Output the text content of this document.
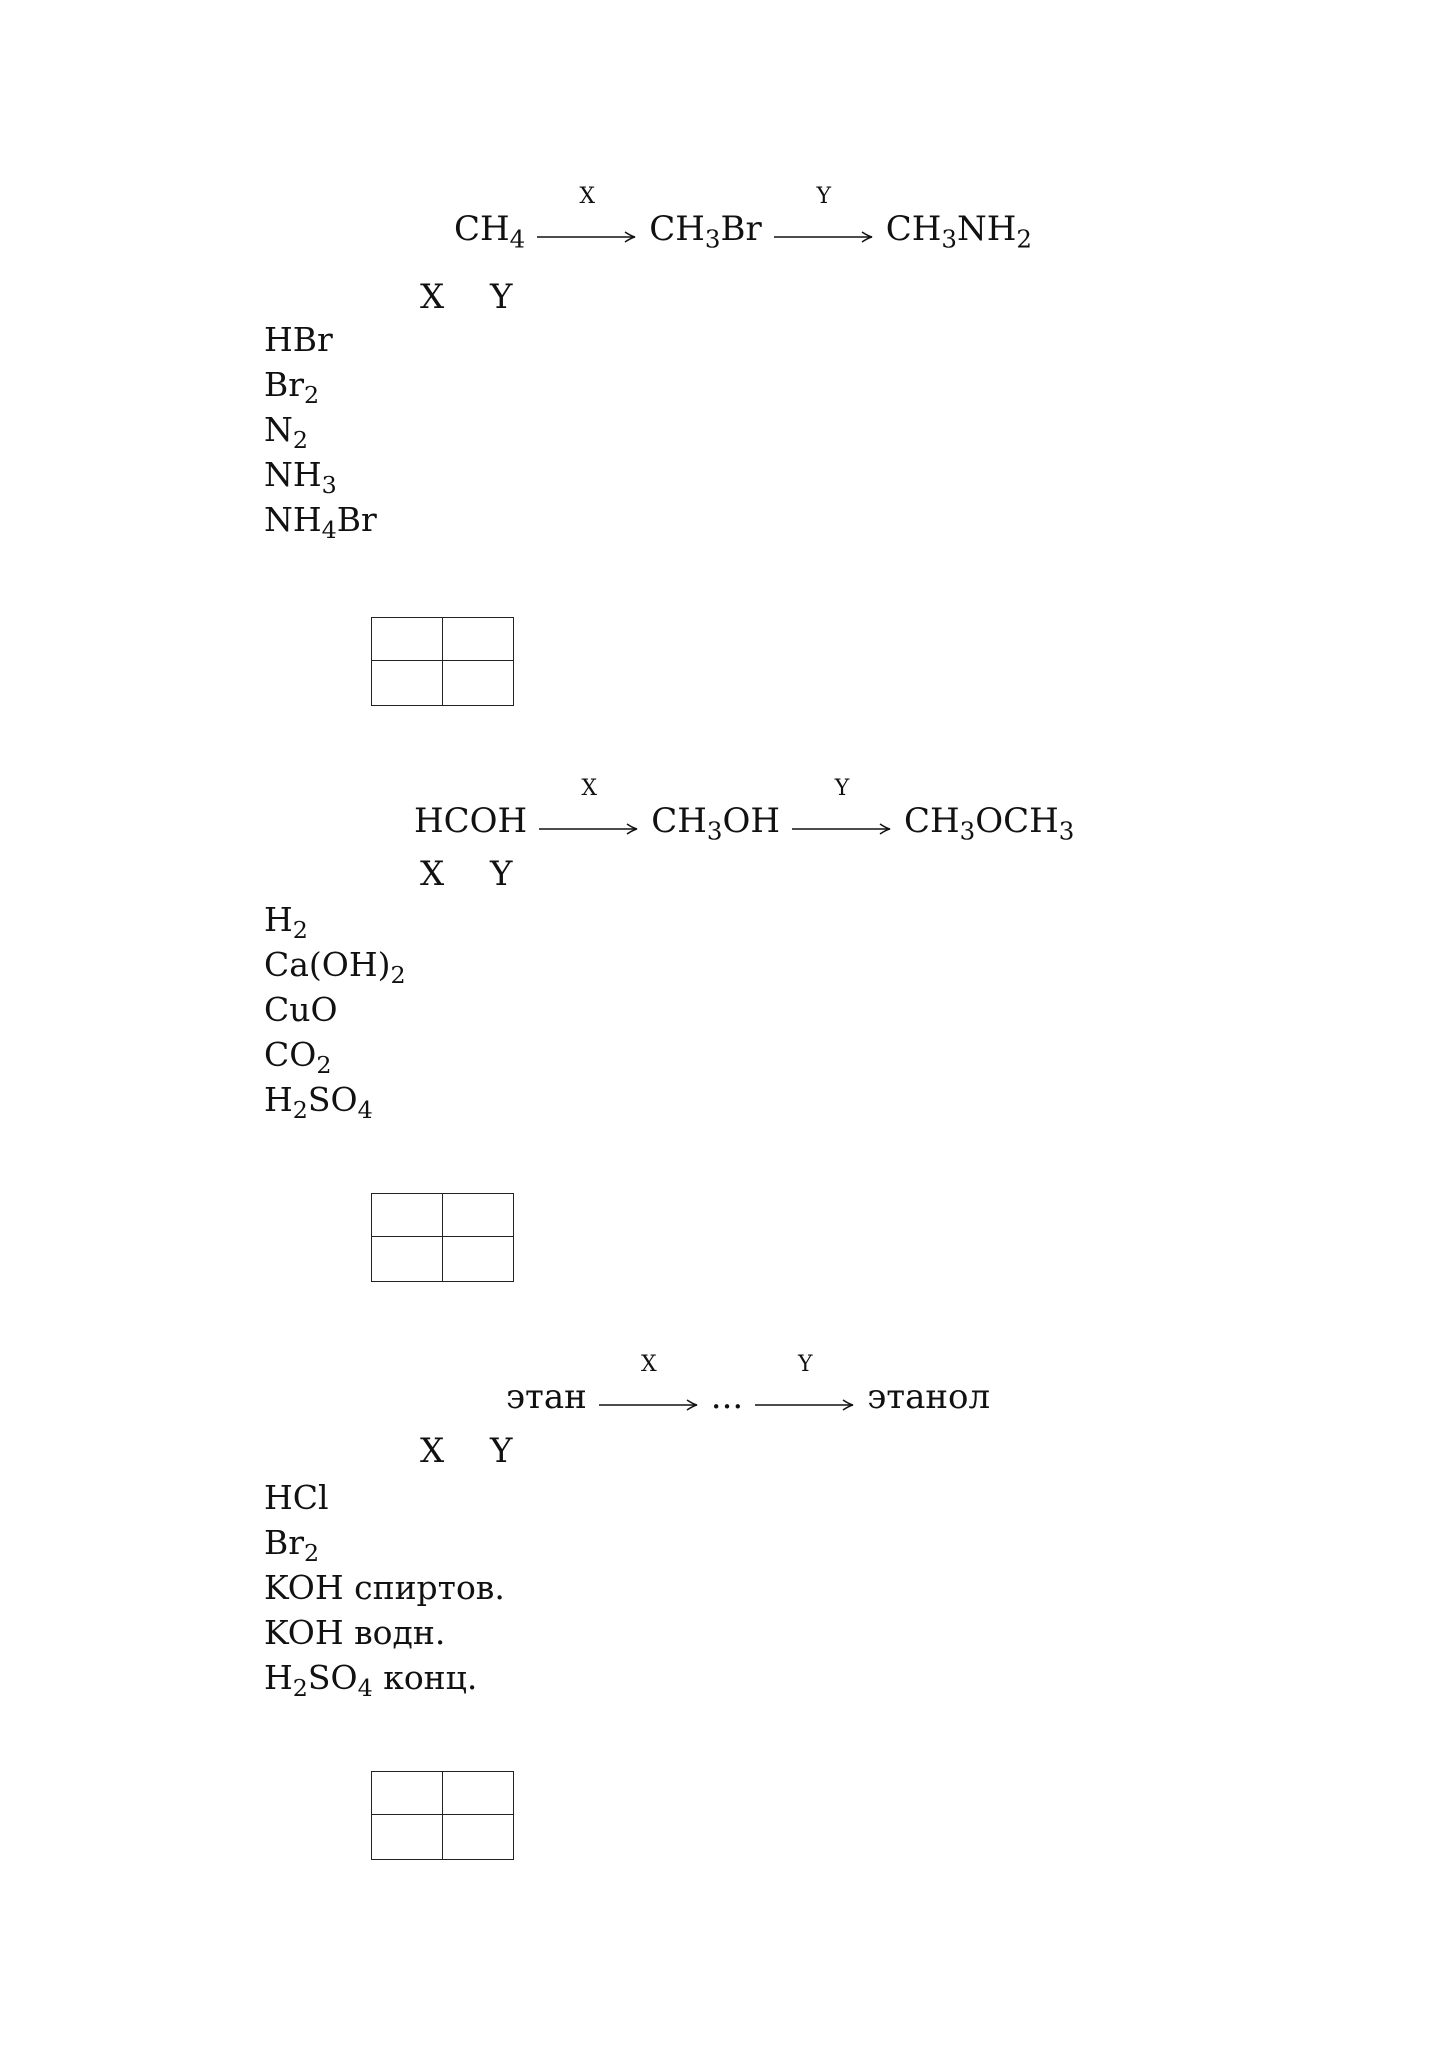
$CH_4$
X
$CH_3Br$
Y
$CH_3NH_2$
X	Y
HBr
$Br_2$
$N_2$
$NH_3$
$NH_4Br$

HCOH
X
$CH_3OH$
Y
$CH_3OCH_3$
X	Y
$H_2$
$Ca(OH)_2$
CuO
$CO_2$
$H_2SO_4$

этан
X
...
Y
этанол
X	Y
HCl
$Br_2$
KOH спиртов.
KOH водн.
$H_2SO_4$ конц.
